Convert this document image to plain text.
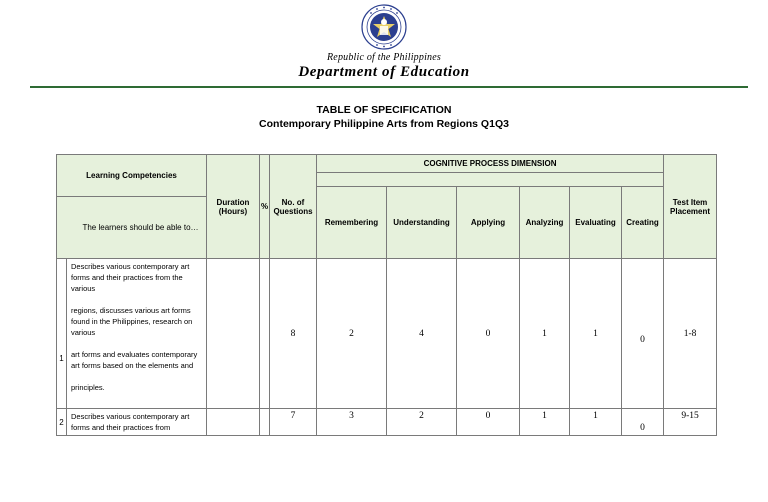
Republic of the Philippines
Department of Education
TABLE OF SPECIFICATION
Contemporary Philippine Arts from Regions Q1Q3
Learning Competencies		Duration (Hours)	%	No. of Questions	COGNITIVE PROCESS DIMENSION						Test Item Placement

					Remembering	Understanding	Applying	Analyzing	Evaluating	Creating	
The learners should be able to…											
1	Describes various contemporary art forms and their practices from the various

regions, discusses various art forms found in the Philippines, research on various

art forms and evaluates contemporary art forms based on the elements and

principles.			8	2	4	0	1	1	0	1-8
2	Describes various contemporary art forms and their practices from			7	3	2	0	1	1	0	9-15
